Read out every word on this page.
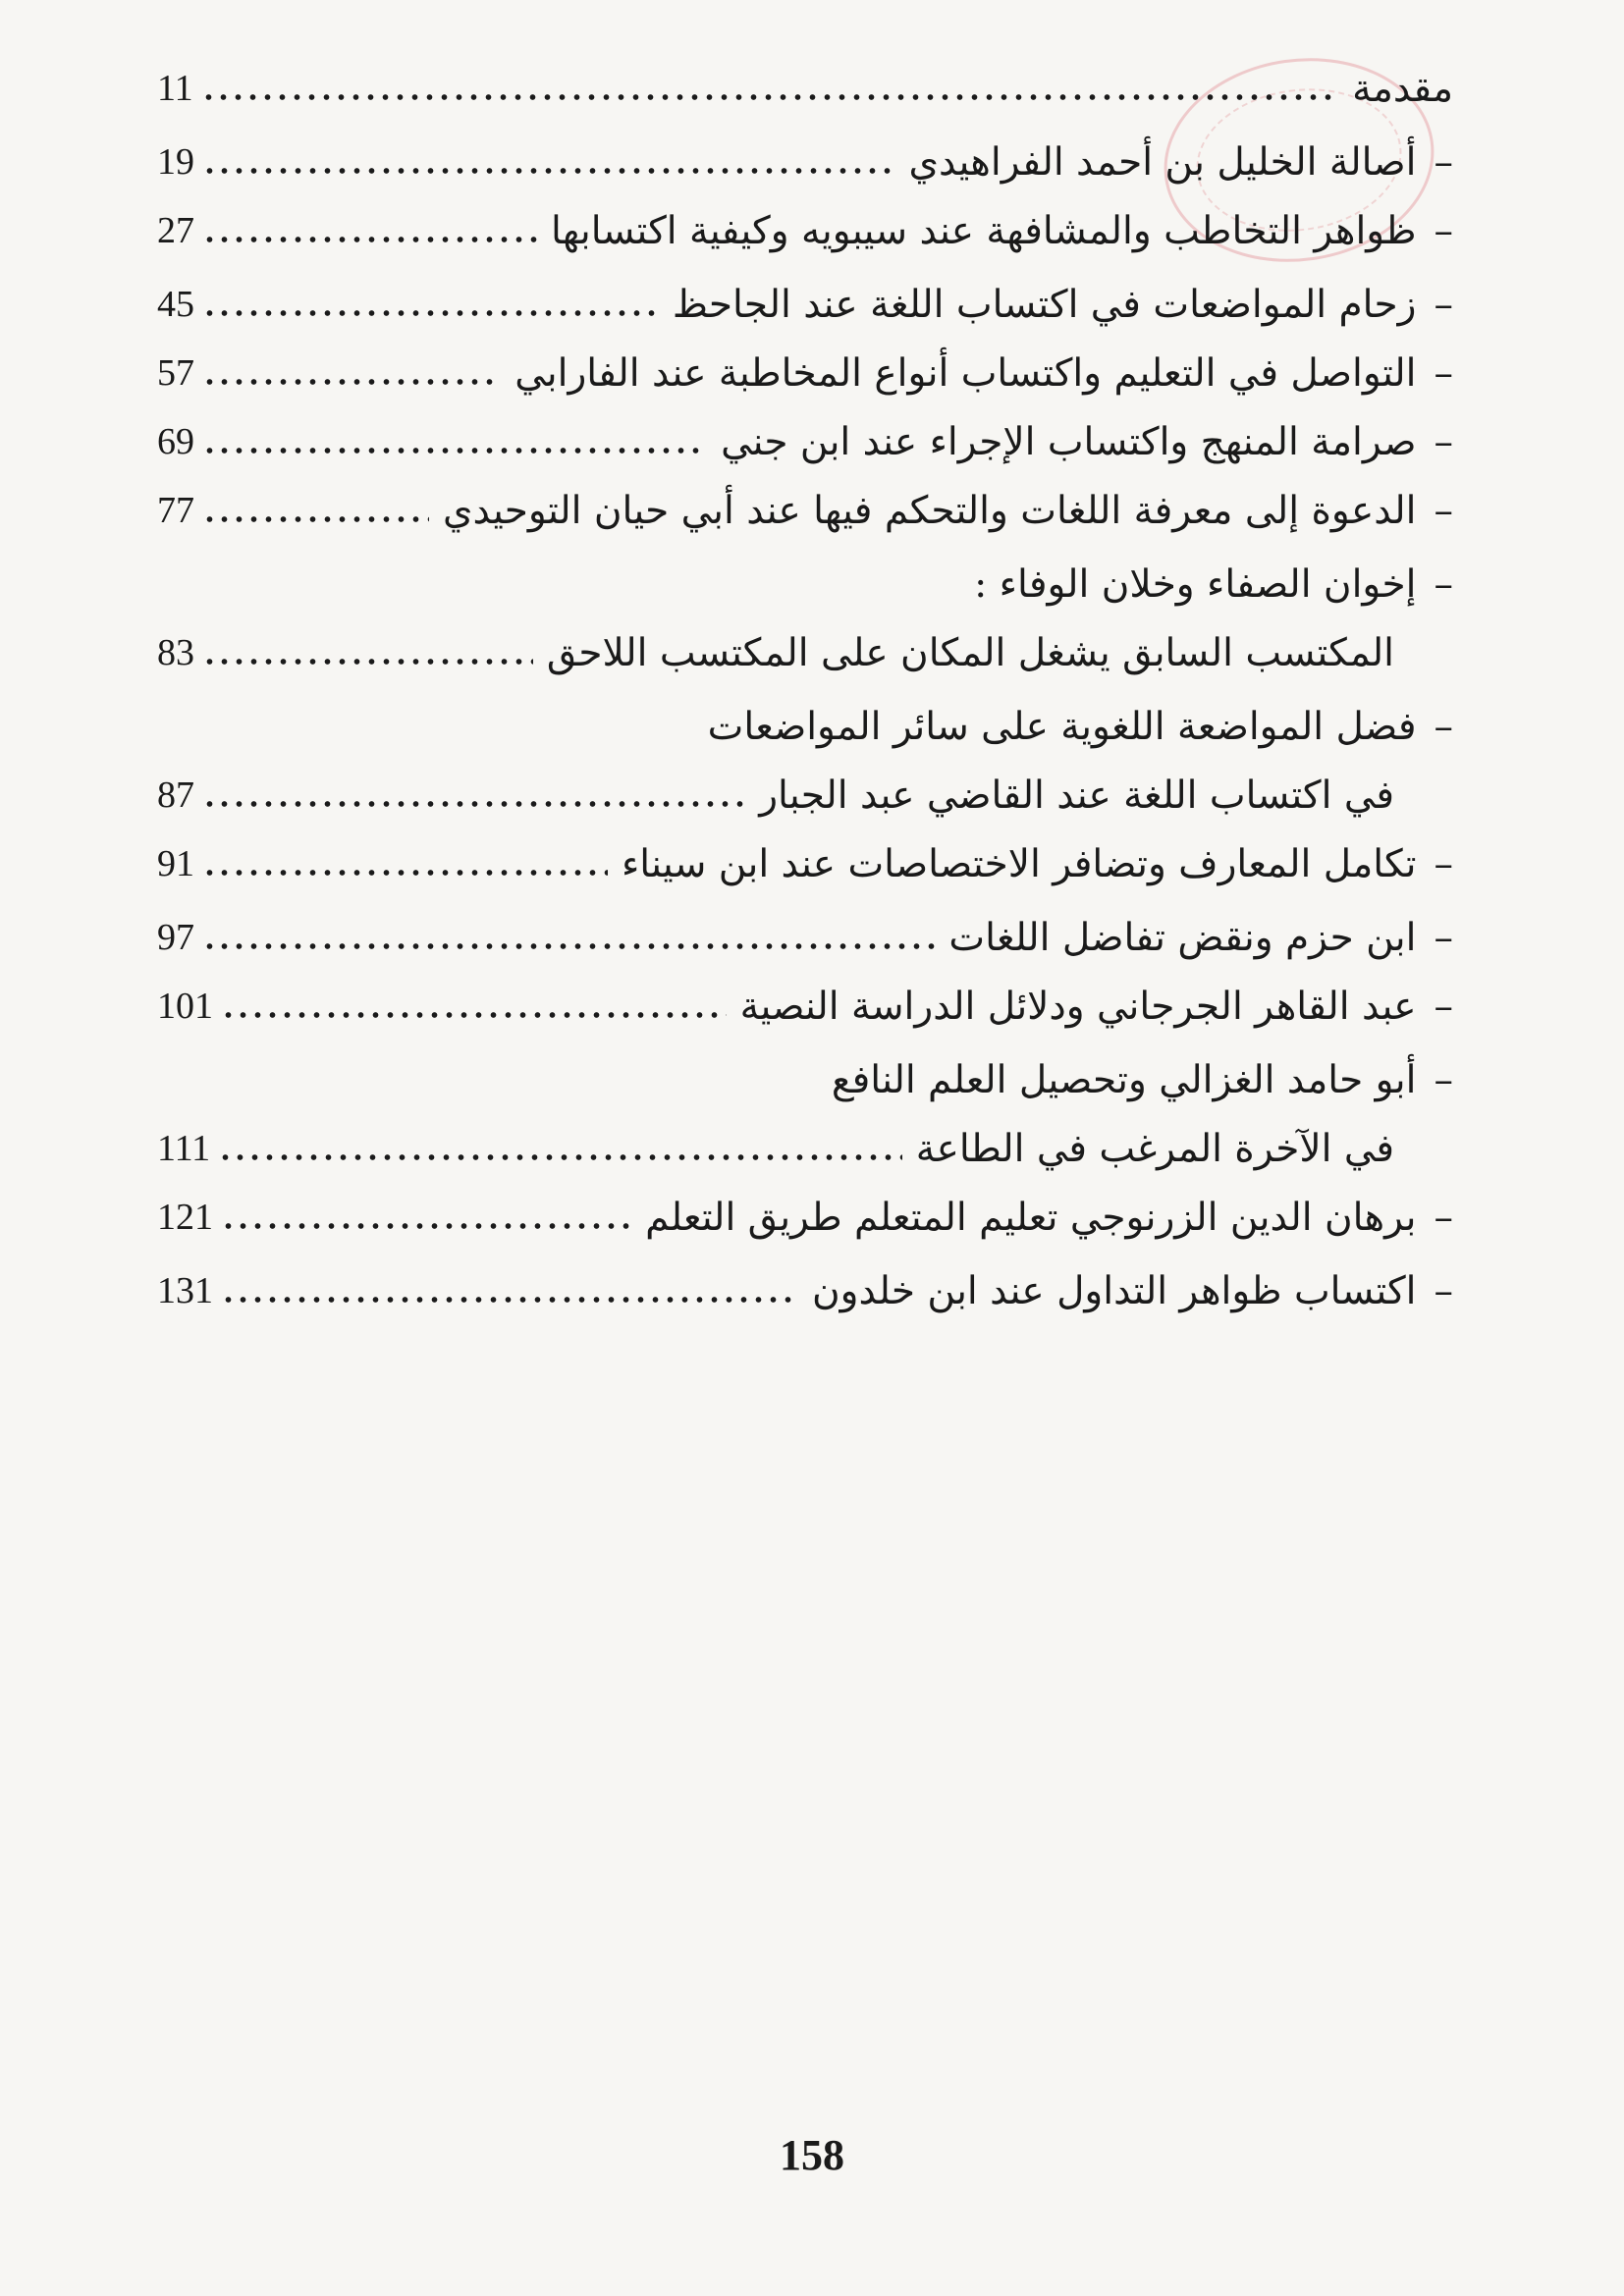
مقدمة
11
–
أصالة الخليل بن أحمد الفراهيدي
19
–
ظواهر التخاطب والمشافهة عند سيبويه وكيفية اكتسابها
27
–
زحام المواضعات في اكتساب اللغة عند الجاحظ
45
–
التواصل في التعليم واكتساب أنواع المخاطبة عند الفارابي
57
–
صرامة المنهج واكتساب الإجراء عند ابن جني
69
–
الدعوة إلى معرفة اللغات والتحكم فيها عند أبي حيان التوحيدي
77
–
إخوان الصفاء وخلان الوفاء :
المكتسب السابق يشغل المكان على المكتسب اللاحق
83
–
فضل المواضعة اللغوية على سائر المواضعات
في اكتساب اللغة عند القاضي عبد الجبار
87
–
تكامل المعارف وتضافر الاختصاصات عند ابن سيناء
91
–
ابن حزم ونقض تفاضل اللغات
97
–
عبد القاهر الجرجاني ودلائل الدراسة النصية
101
–
أبو حامد الغزالي وتحصيل العلم النافع
في الآخرة المرغب في الطاعة
111
–
برهان الدين الزرنوجي تعليم المتعلم طريق التعلم
121
–
اكتساب ظواهر التداول عند ابن خلدون
131
158
